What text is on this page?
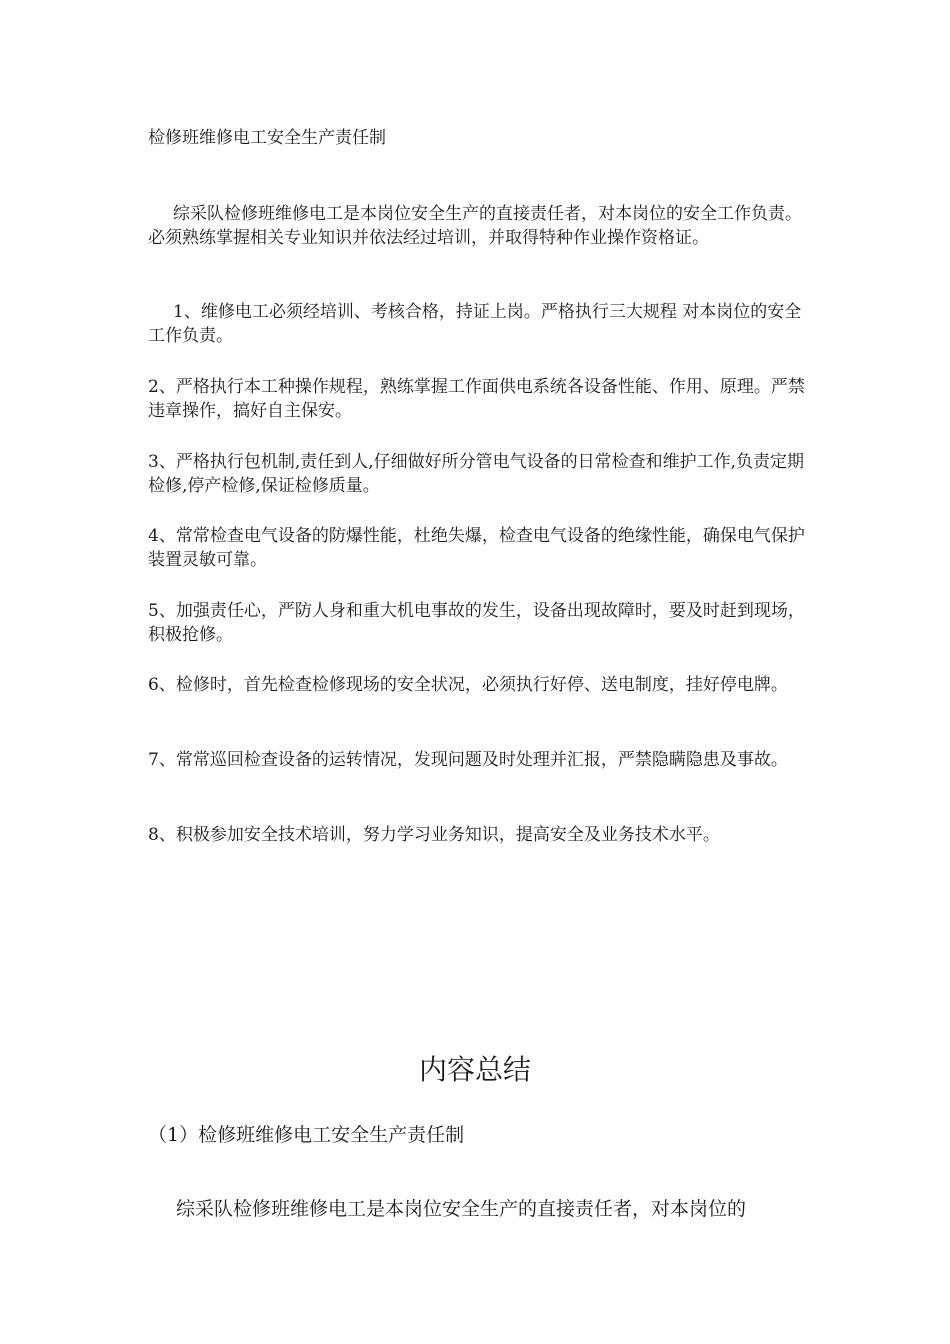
检修班维修电工安全生产责任制

综采队检修班维修电工是本岗位安全生产的直接责任者，对本岗位的安全工作负责。必须熟练掌握相关专业知识并依法经过培训，并取得特种作业操作资格证。

1、维修电工必须经培训、考核合格，持证上岗。严格执行三大规程 对本岗位的安全工作负责。

2、严格执行本工种操作规程，熟练掌握工作面供电系统各设备性能、作用、原理。严禁违章操作，搞好自主保安。

3、严格执行包机制,责任到人,仔细做好所分管电气设备的日常检查和维护工作,负责定期检修,停产检修,保证检修质量。

4、常常检查电气设备的防爆性能，杜绝失爆，检查电气设备的绝缘性能，确保电气保护装置灵敏可靠。

5、加强责任心，严防人身和重大机电事故的发生，设备出现故障时，要及时赶到现场，积极抢修。

6、检修时，首先检查检修现场的安全状况，必须执行好停、送电制度，挂好停电牌。

7、常常巡回检查设备的运转情况，发现问题及时处理并汇报，严禁隐瞒隐患及事故。

8、积极参加安全技术培训，努力学习业务知识，提高安全及业务技术水平。

内容总结
（1）检修班维修电工安全生产责任制
综采队检修班维修电工是本岗位安全生产的直接责任者，对本岗位的
